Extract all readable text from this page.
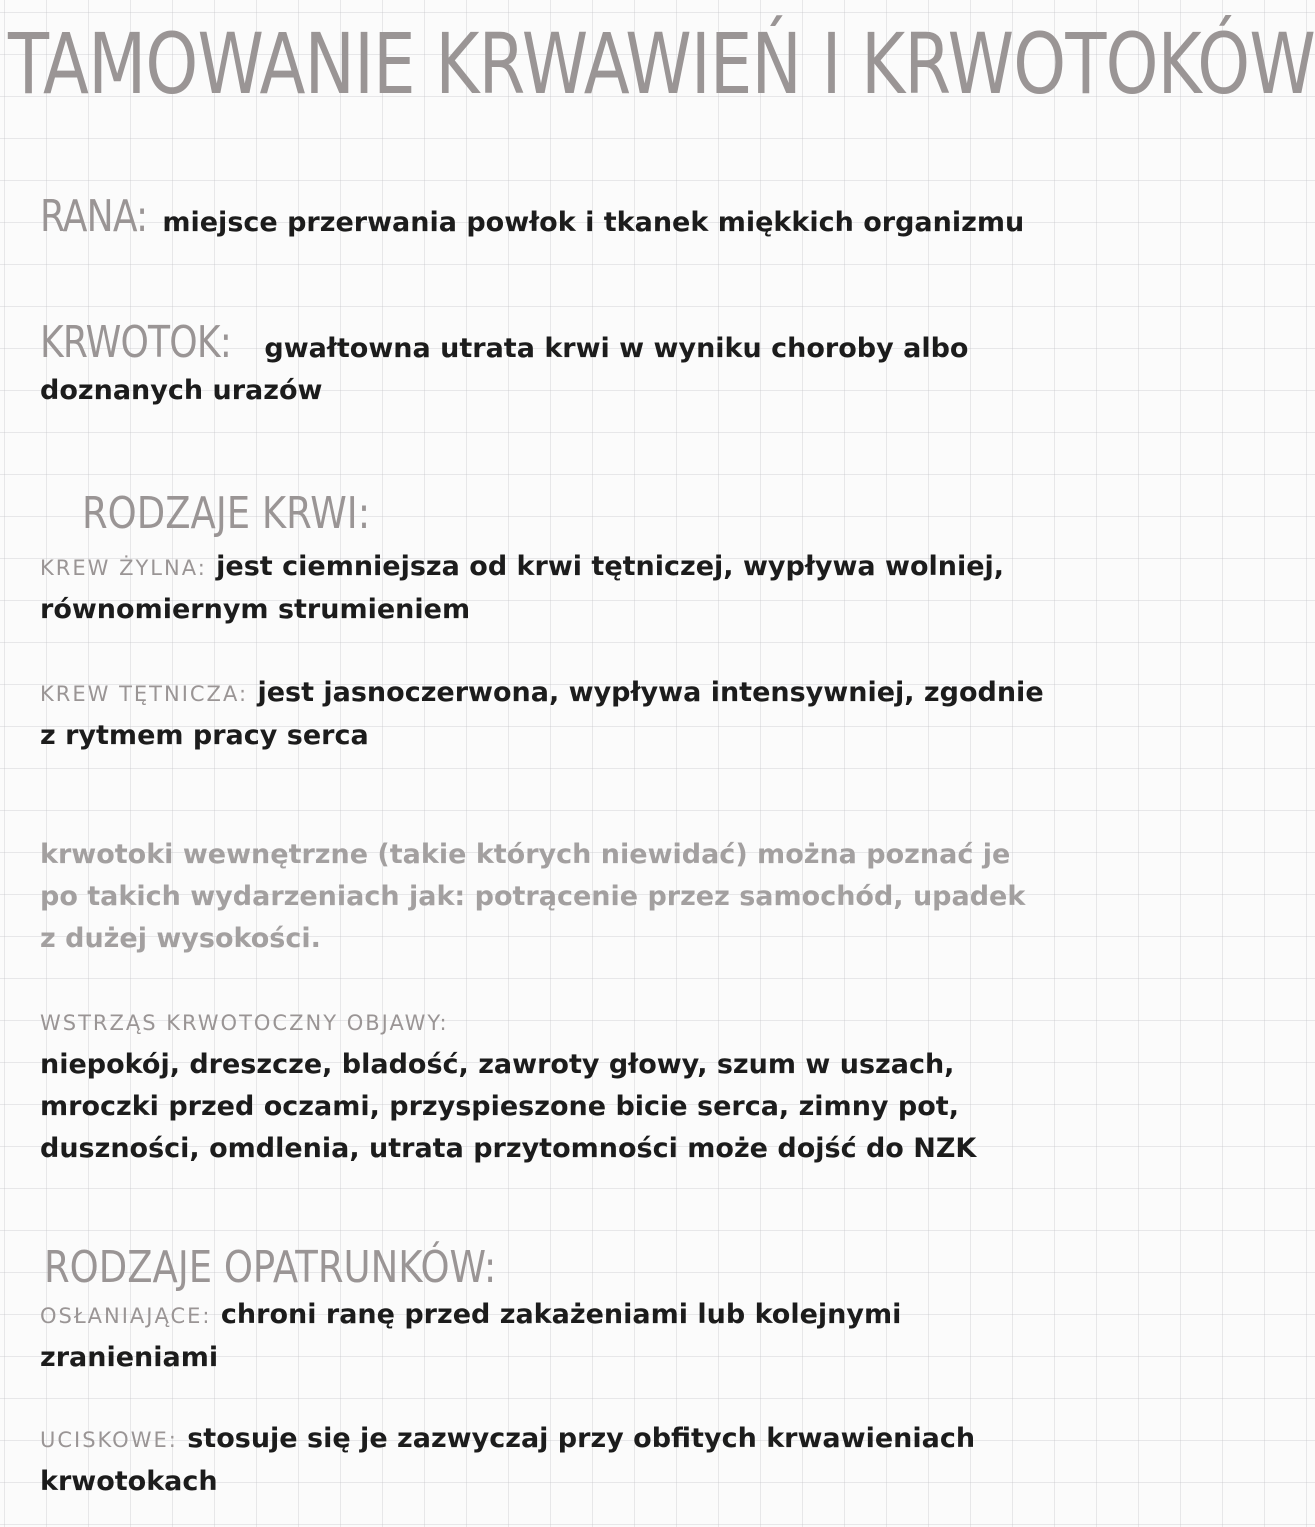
TAMOWANIE KRWAWIEŃ I KRWOTOKÓW
RANA: miejsce przerwania powłok i tkanek miękkich organizmu
KRWOTOK: gwałtowna utrata krwi w wyniku choroby albo doznanych urazów
RODZAJE KRWI:
KREW ŻYLNA: jest ciemniejsza od krwi tętniczej, wypływa wolniej, równomiernym strumieniem
KREW TĘTNICZA: jest jasnoczerwona, wypływa intensywniej, zgodnie z rytmem pracy serca
krwotoki wewnętrzne (takie których niewidać) można poznać je po takich wydarzeniach jak: potrącenie przez samochód, upadek z dużej wysokości.
WSTRZĄS KRWOTOCZNY OBJAWY:
niepokój, dreszcze, bladość, zawroty głowy, szum w uszach, mroczki przed oczami, przyspieszone bicie serca, zimny pot, duszności, omdlenia, utrata przytomności może dojść do NZK
RODZAJE OPATRUNKÓW:
OSŁANIAJĄCE: chroni ranę przed zakażeniami lub kolejnymi zranieniami
UCISKOWE: stosuje się je zazwyczaj przy obfitych krwawieniach krwotokach
